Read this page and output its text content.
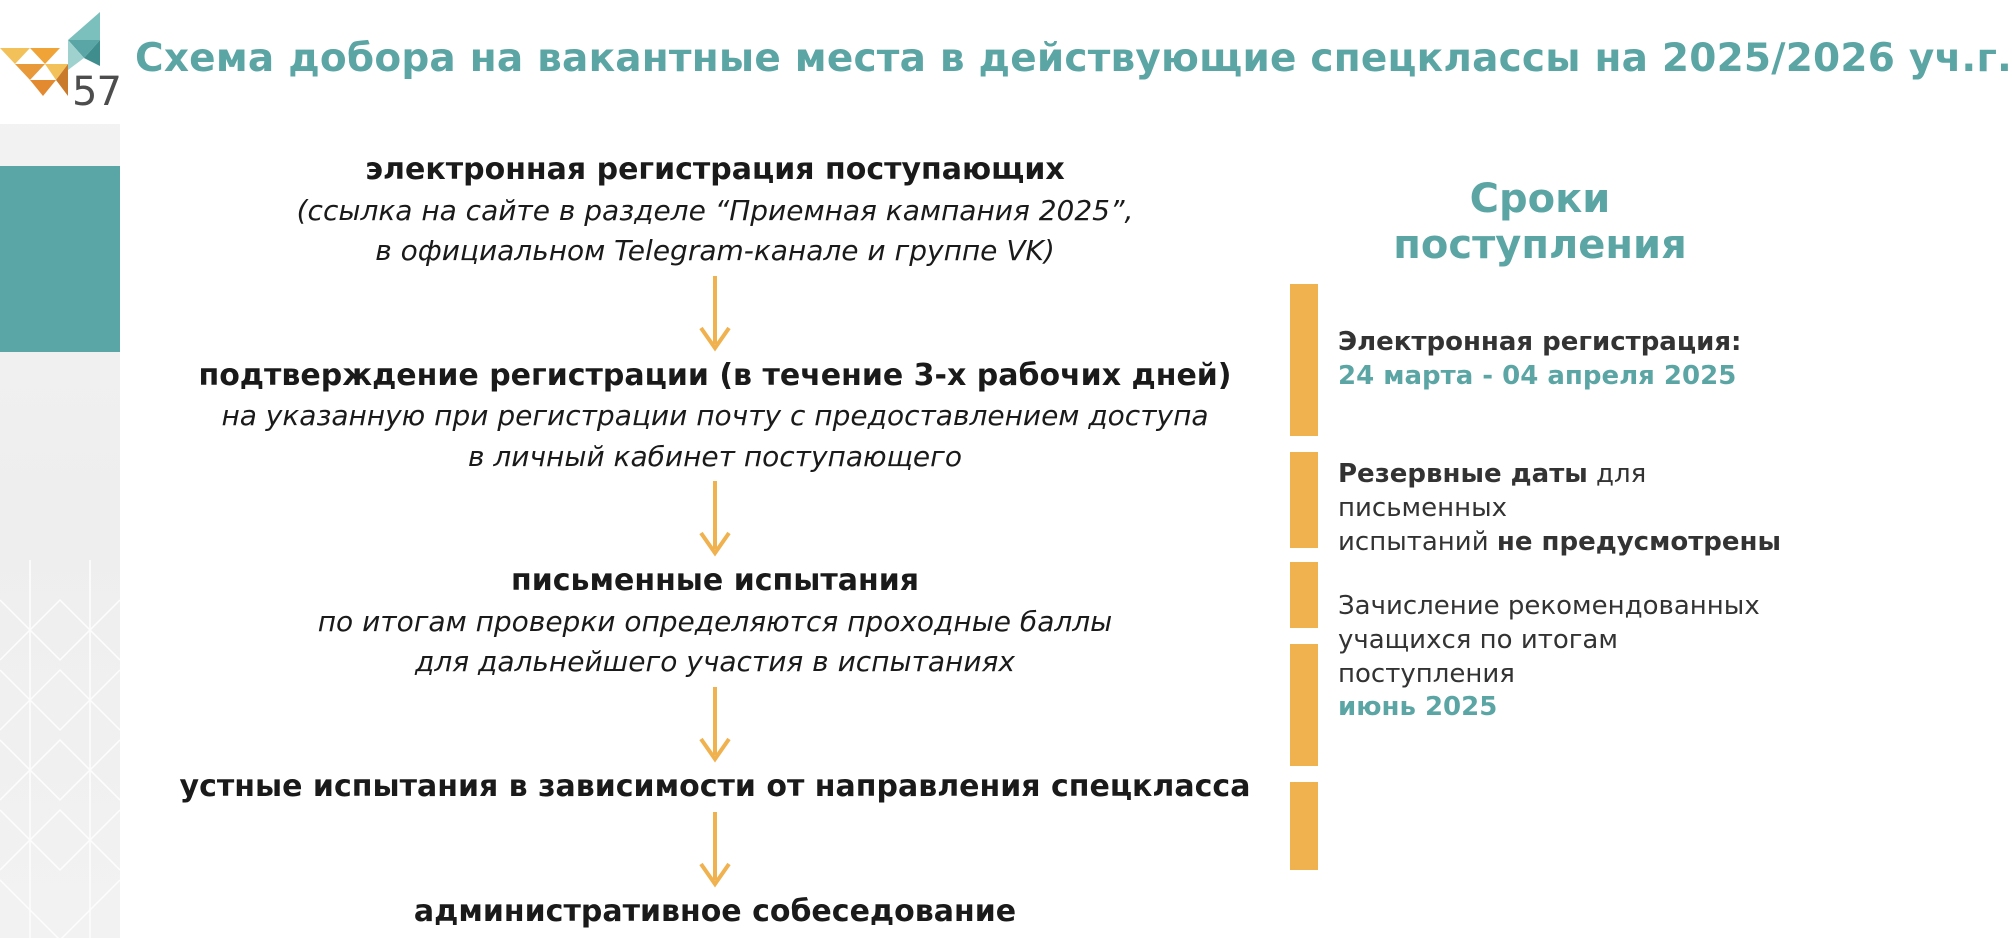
57
Схема добора на вакантные места в действующие спецклассы на 2025/2026 уч.г.
электронная регистрация поступающих
(ссылка на сайте в разделе “Приемная кампания 2025”,
в официальном Telegram-канале и группе VK)
подтверждение регистрации (в течение 3-х рабочих дней)
на указанную при регистрации почту с предоставлением доступа
в личный кабинет поступающего
письменные испытания
по итогам проверки определяются проходные баллы
для дальнейшего участия в испытаниях
устные испытания в зависимости от направления спецкласса
административное собеседование
Сроки
поступления
Электронная регистрация:
24 марта - 04 апреля 2025
Резервные даты для письменных
испытаний не предусмотрены
Зачисление рекомендованных
учащихся по итогам поступления
июнь 2025
